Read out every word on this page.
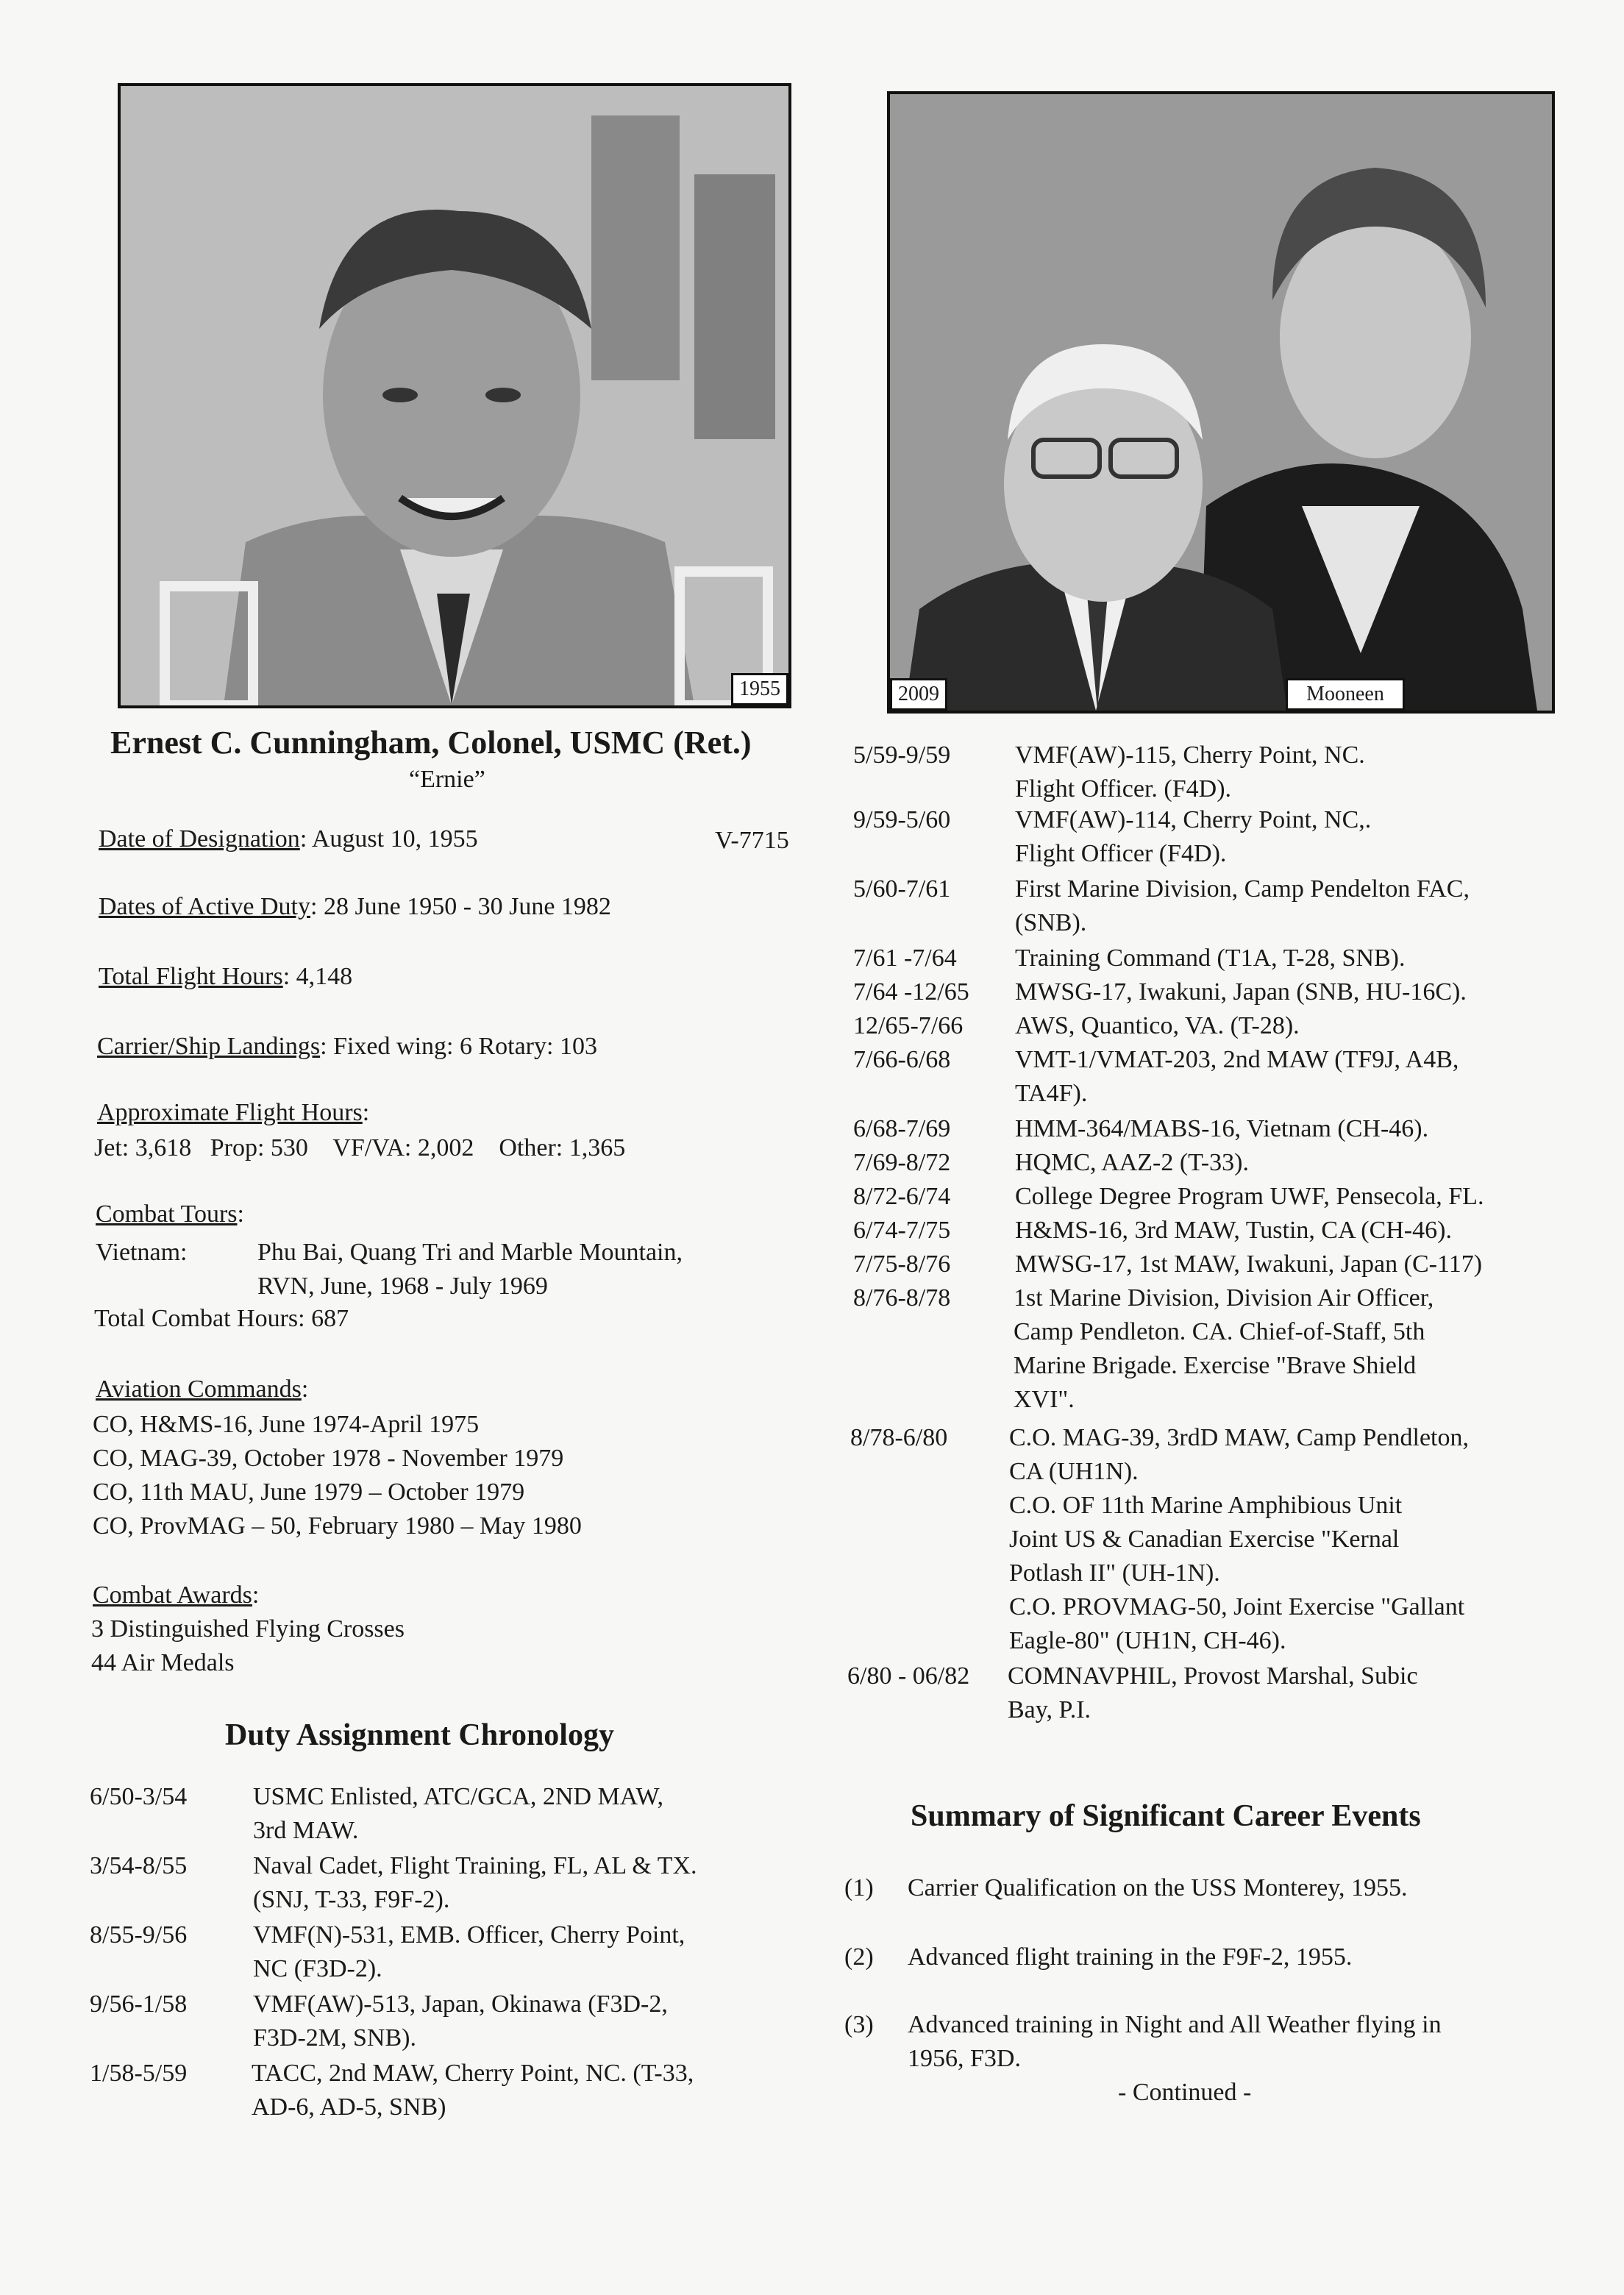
1955	2009	Mooneen
Ernest C. Cunningham, Colonel, USMC (Ret.)
“Ernie”
Date of Designation: August 10, 1955	V-7715
Dates of Active Duty: 28 June 1950 - 30 June 1982
Total Flight Hours: 4,148
Carrier/Ship Landings: Fixed wing: 6 Rotary: 103
Approximate Flight Hours:
Jet: 3,618   Prop: 530    VF/VA: 2,002    Other: 1,365
Combat Tours:
Vietnam:	Phu Bai, Quang Tri and Marble Mountain,
RVN, June, 1968 - July 1969
Total Combat Hours: 687
Aviation Commands:
CO, H&MS-16, June 1974-April 1975
CO, MAG-39, October 1978 - November 1979
CO, 11th MAU, June 1979 – October 1979
CO, ProvMAG – 50, February 1980 – May 1980
Combat Awards:
3 Distinguished Flying Crosses
44 Air Medals
Duty Assignment Chronology
6/50-3/54	USMC Enlisted, ATC/GCA, 2ND MAW,
3rd MAW.
3/54-8/55	Naval Cadet, Flight Training, FL, AL & TX.
(SNJ, T-33, F9F-2).
8/55-9/56	VMF(N)-531, EMB. Officer, Cherry Point,
NC (F3D-2).
9/56-1/58	VMF(AW)-513, Japan, Okinawa (F3D-2,
F3D-2M, SNB).
1/58-5/59	TACC, 2nd MAW, Cherry Point, NC. (T-33,
AD-6, AD-5, SNB)
5/59-9/59	VMF(AW)-115, Cherry Point, NC.
Flight Officer. (F4D).
9/59-5/60	VMF(AW)-114, Cherry Point, NC,.
Flight Officer (F4D).
5/60-7/61	First Marine Division, Camp Pendelton FAC,
(SNB).
7/61 -7/64 Training Command (T1A, T-28, SNB).
7/64 -12/65 MWSG-17, Iwakuni, Japan (SNB, HU-16C).
12/65-7/66 AWS, Quantico, VA. (T-28).
7/66-6/68	VMT-1/VMAT-203, 2nd MAW (TF9J, A4B,
TA4F).
6/68-7/69	HMM-364/MABS-16, Vietnam (CH-46).
7/69-8/72	HQMC, AAZ-2 (T-33).
8/72-6/74	College Degree Program UWF, Pensecola, FL.
6/74-7/75	H&MS-16, 3rd MAW, Tustin, CA (CH-46).
7/75-8/76	MWSG-17, 1st MAW, Iwakuni, Japan (C-117)
8/76-8/78	1st Marine Division, Division Air Officer,
Camp Pendleton. CA. Chief-of-Staff, 5th
Marine Brigade. Exercise "Brave Shield
XVI".
8/78-6/80 C.O. MAG-39, 3rdD MAW, Camp Pendleton,
CA (UH1N).
C.O. OF 11th Marine Amphibious Unit
Joint US & Canadian Exercise "Kernal
Potlash II" (UH-1N).
C.O. PROVMAG-50, Joint Exercise "Gallant
Eagle-80" (UH1N, CH-46).
6/80 - 06/82 COMNAVPHIL, Provost Marshal, Subic
Bay, P.I.
Summary of Significant Career Events
(1) Carrier Qualification on the USS Monterey, 1955.
(2) Advanced flight training in the F9F-2, 1955.
(3) Advanced training in Night and All Weather flying in
1956, F3D.
- Continued -
